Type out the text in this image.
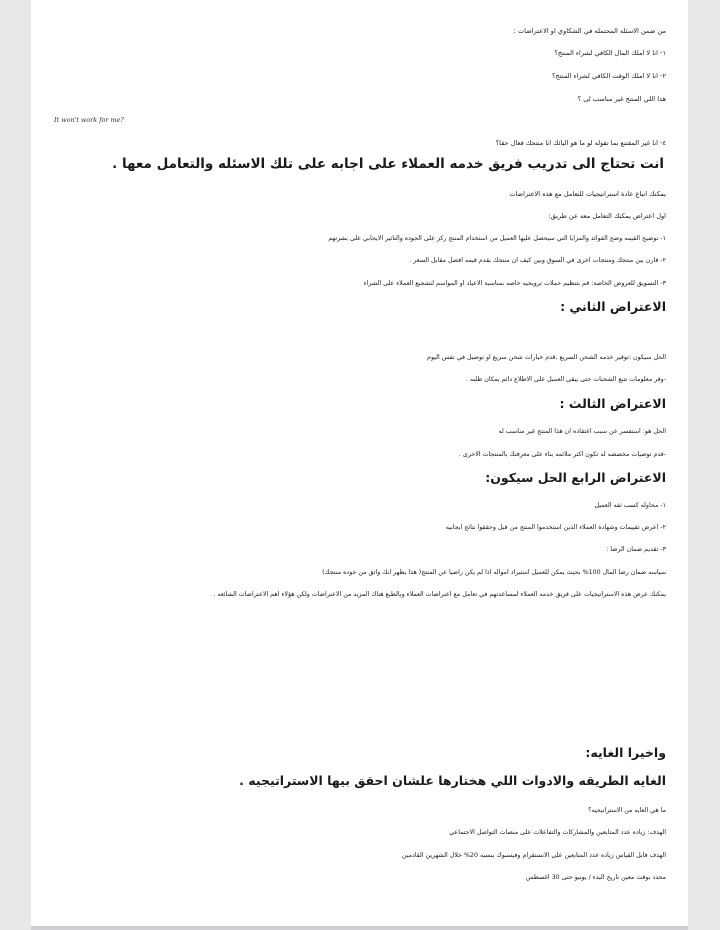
من ضمن الاسئله المحتمله في الشكاوي او الاعتراضات :
١- انا لا املك المال الكافي لشراء المنتج؟
٢- انا لا املك الوقت الكافي لشراء المنتج؟
هذا اللي المنتج غير مناسب لى ؟
It won't work for me?
٤- انا غير المقتنع بما تقوله لو ما هو اليائك انا منتجك فعال حقا؟
انت تحتاج الى تدريب فريق خدمه العملاء على اجابه على تلك الاسئله والتعامل معها .
يمكنك اتباع عادة استراتيجيات للتعامل مع هذه الاعتراضات
اول اعتراض يمكنك التعامل معه عن طريق:
١- توضيح القيمه وضح الفوائد والمزايا التي سيحصل عليها العميل من استخدام المنتج ركز على الجوده والتاثير الايجابي على بشرتهم
٢- قارن بين منتجك ومنتجات اخرى في السوق وبين كيف ان منتجك يقدم قيمه افضل مقابل السعر .
٣- التسويق للعروض الخاصة: قم بتنظيم حملات ترويجيه خاصه بمناسبة الاعياد او المواسم لتشجيع العملاء على الشراء
الاعتراض الثاني :
الحل سيكون :توفير خدمه الشحن السريع ،قدم خيارات شحن سريع او توصيل في نفس اليوم
-وفر معلومات تتبع الشحنات حتى يبقى العميل على الاطلاع دائم بمكان طلبه .
الاعتراض الثالث :
الحل هو: استفسر عن سبب اعتقاده ان هذا المنتج غير مناسب له
-قدم توصيات مخصصه له تكون اكثر ملائمه بناء على معرفتك بالمنتجات الاخرى .
الاعتراض الرابع الحل سيكون:
١- محاوله كسب ثقه العميل
٢- اعرض تقييمات وشهادة العملاء الذين استخدموا المنتج من قبل وحققوا نتائج ايجابيه
٣- تقديم ضمان الرضا :
سياسه ضمان رضا المال 100% بحيث يمكن للعميل استيراد امواله اذا لم يكن راضيا عن المنتج( هذا يظهر انك واثق من جوده منتجك)
يمكنك عرض هذه الاستراتيجيات على فريق خدمه العملاء لمساعدتهم في تعامل مع اعتراضات العملاء وبالطبع هناك المزيد من الاعتراضات ولكن هؤلاء اهم الاعتراضات الشائعه .
واخيرا الغايه:
الغايه الطريقه والادوات اللي هختارها علشان احقق بيها الاستراتيجيه .
ما هي الغايه من الاستراتيجيه؟
الهدف: زياده عدد المتابعين والمشاركات والتفاعلات على منصات التواصل الاجتماعي
الهدف قابل القياس زياده عدد المتابعين على الانستقرام وفيسبوك بنسبه 20% خلال الشهرين القادمين
محدد بوقت معين تاريخ البدء / يونيو حتى 30 اغسطس
